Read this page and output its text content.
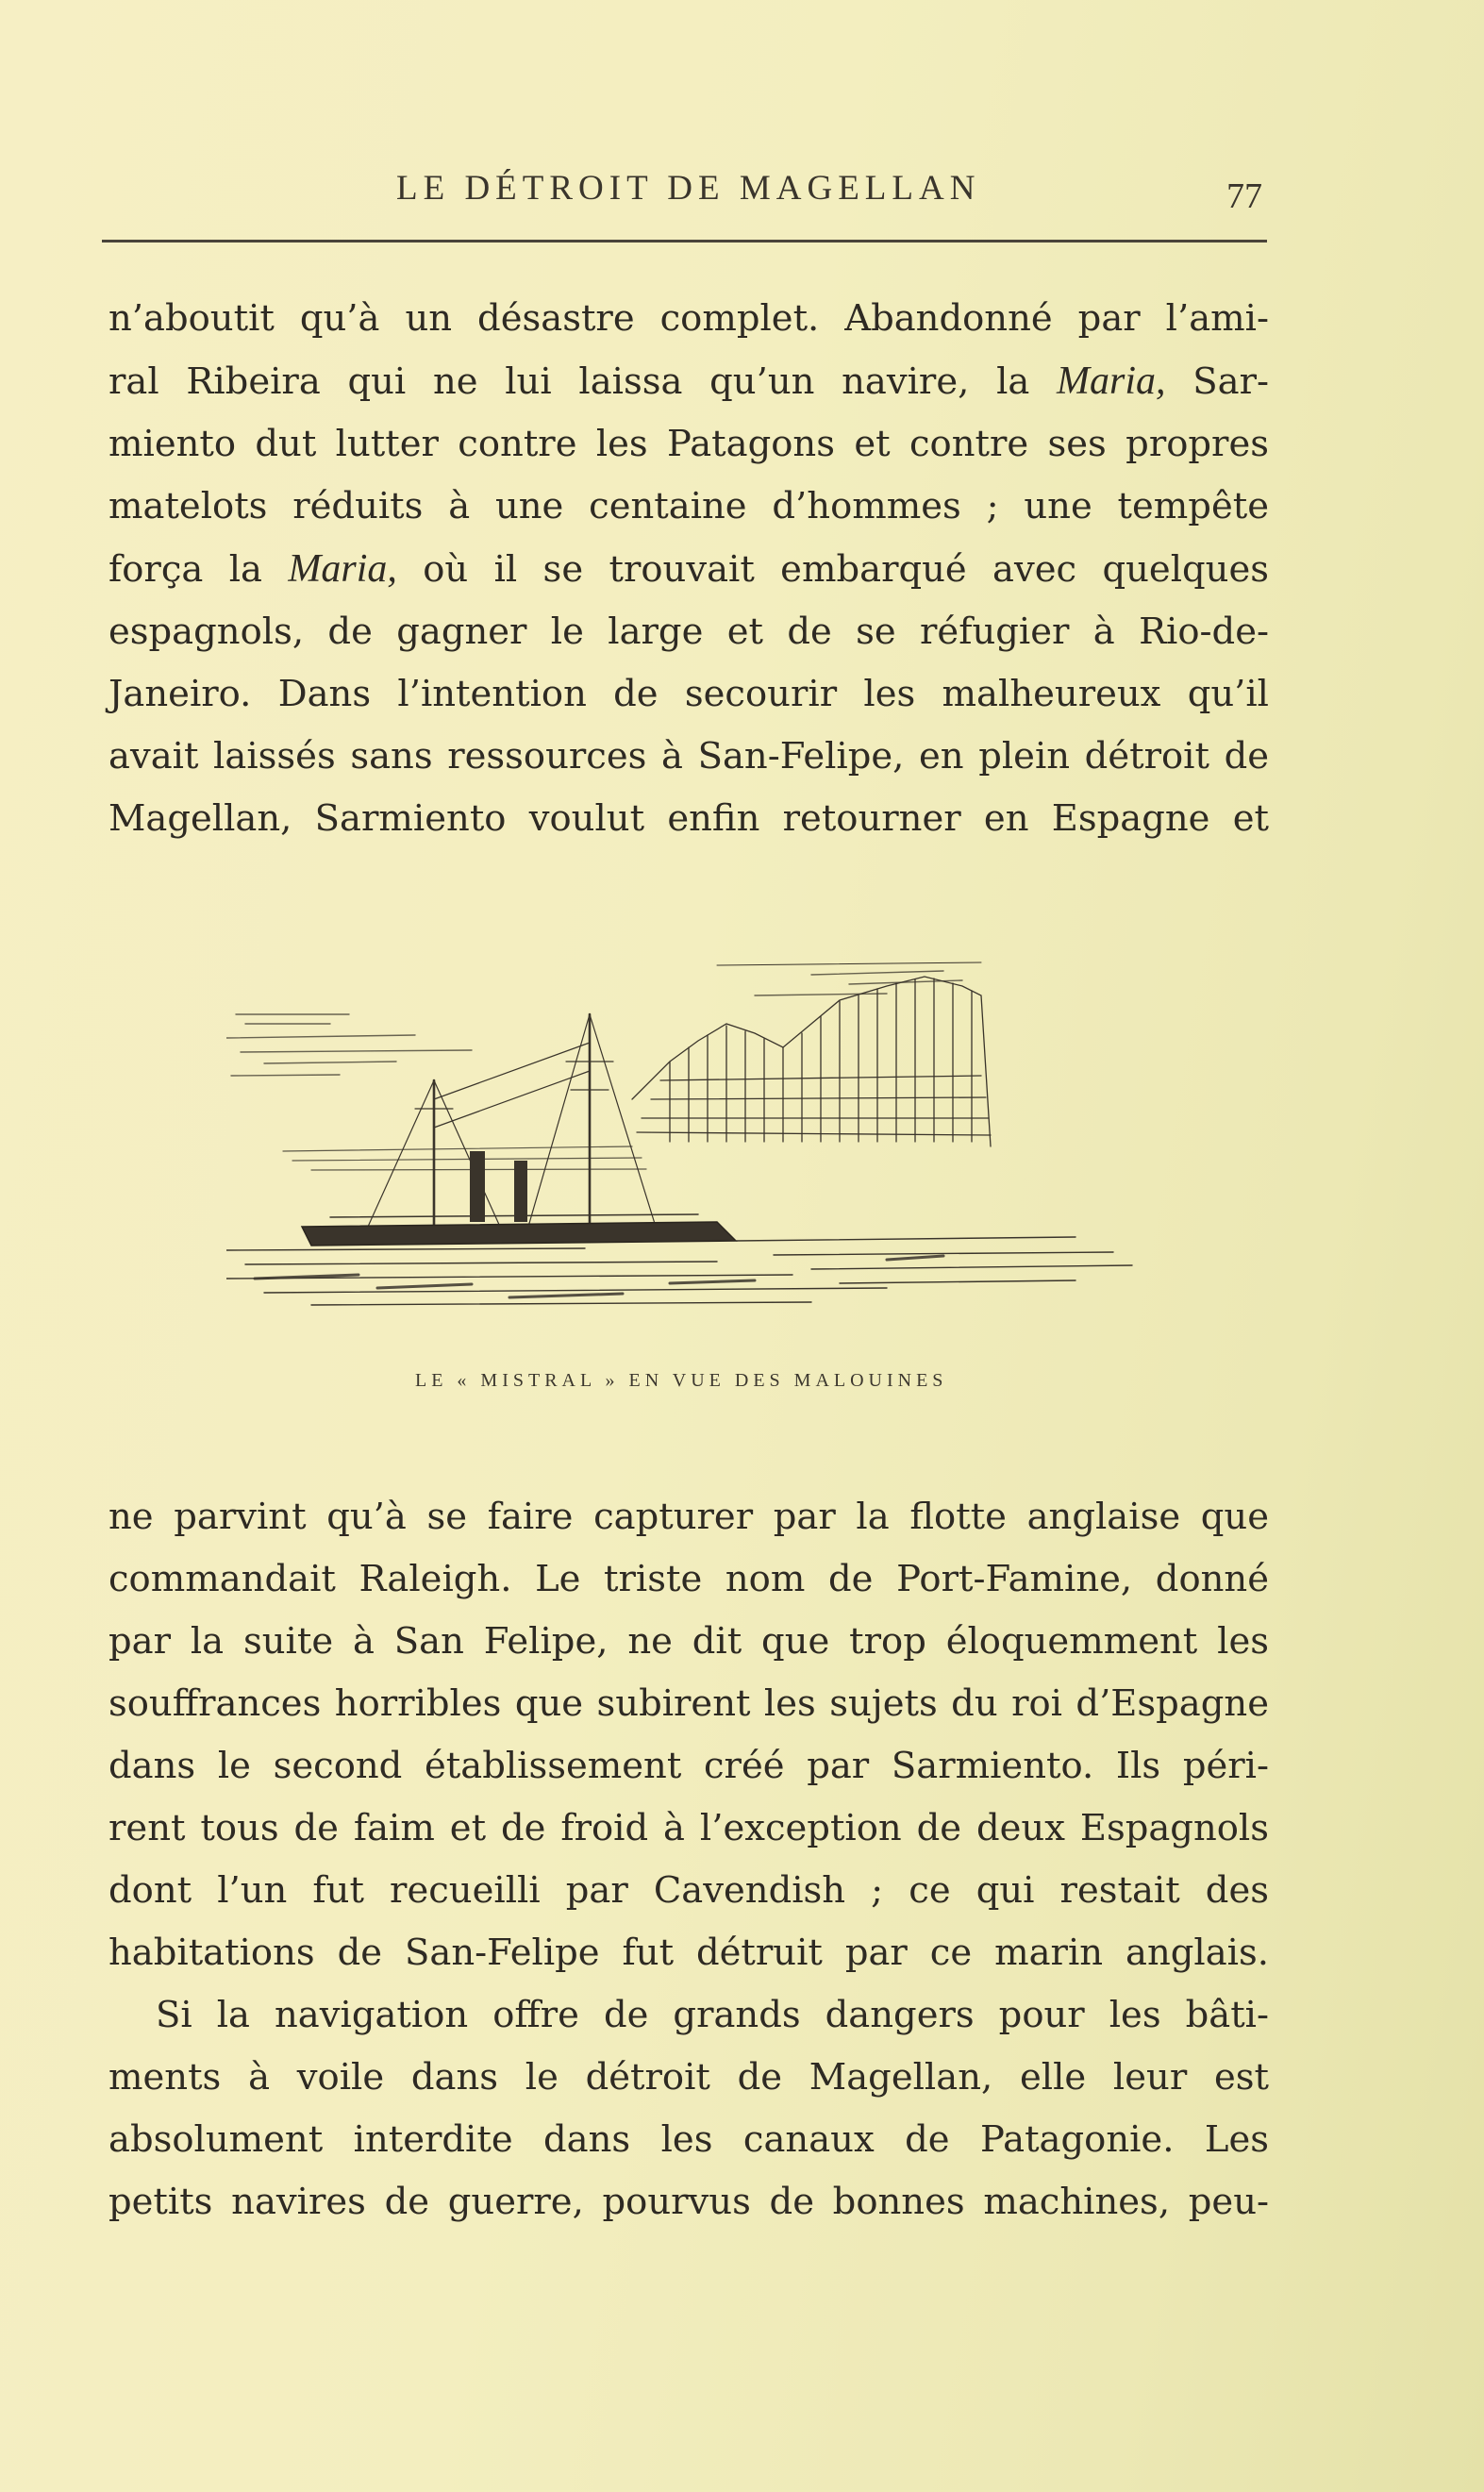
LE DÉTROIT DE MAGELLAN	77
n’aboutit qu’à un désastre complet. Abandonné par l’ami-
ral Ribeira qui ne lui laissa qu’un navire, la Maria, Sar-
miento dut lutter contre les Patagons et contre ses propres
matelots réduits à une centaine d’hommes ; une tempête
força la Maria, où il se trouvait embarqué avec quelques
espagnols, de gagner le large et de se réfugier à Rio-de-
Janeiro. Dans l’intention de secourir les malheureux qu’il
avait laissés sans ressources à San-Felipe, en plein détroit de
Magellan, Sarmiento voulut enfin retourner en Espagne et
LE « MISTRAL » EN VUE DES MALOUINES
ne parvint qu’à se faire capturer par la flotte anglaise que
commandait Raleigh. Le triste nom de Port-Famine, donné
par la suite à San Felipe, ne dit que trop éloquemment les
souffrances horribles que subirent les sujets du roi d’Espagne
dans le second établissement créé par Sarmiento. Ils péri-
rent tous de faim et de froid à l’exception de deux Espagnols
dont l’un fut recueilli par Cavendish ; ce qui restait des
habitations de San-Felipe fut détruit par ce marin anglais.
Si la navigation offre de grands dangers pour les bâti-
ments à voile dans le détroit de Magellan, elle leur est
absolument interdite dans les canaux de Patagonie. Les
petits navires de guerre, pourvus de bonnes machines, peu-
